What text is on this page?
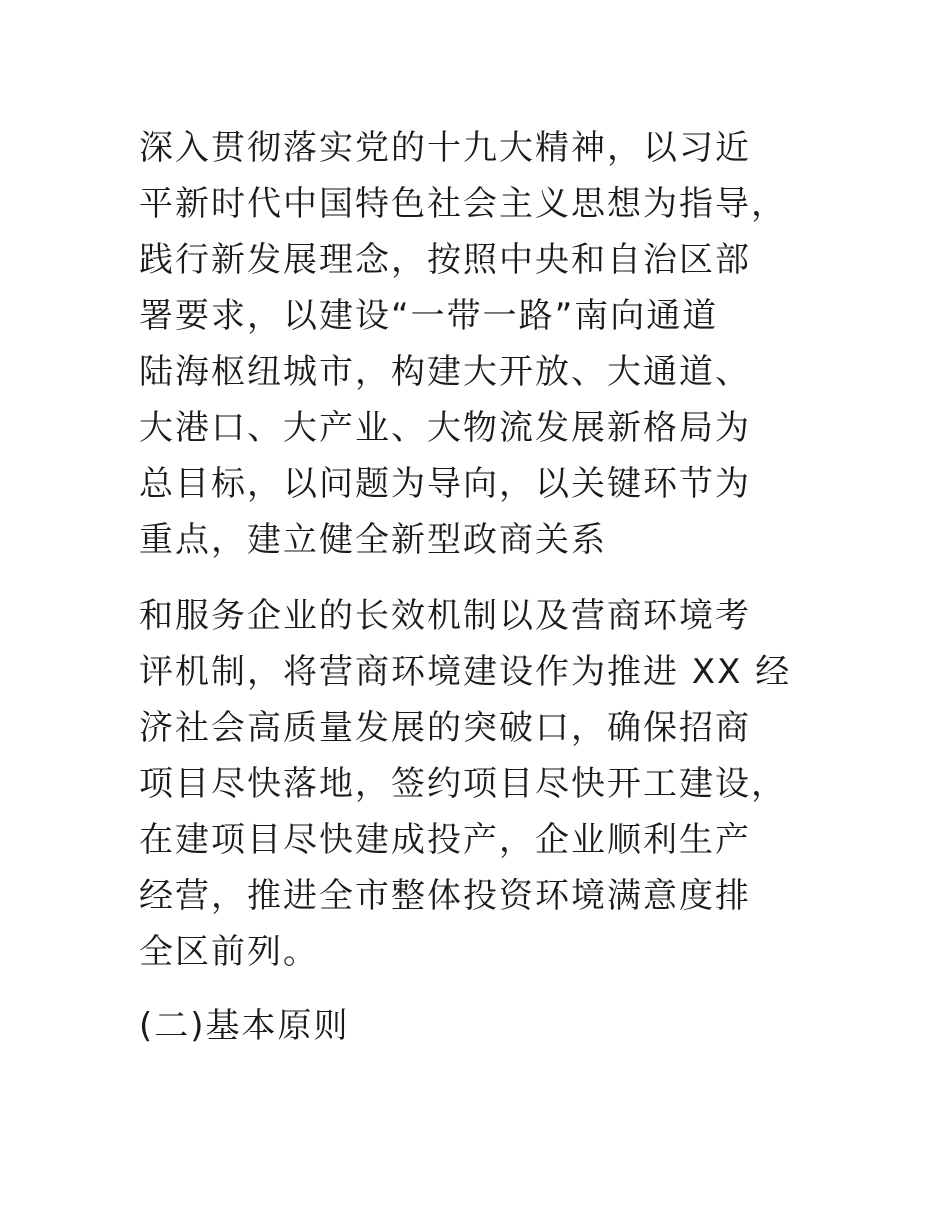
深入贯彻落实党的十九大精神，以习近
平新时代中国特色社会主义思想为指导，
践行新发展理念，按照中央和自治区部
署要求，以建设“一带一路”南向通道
陆海枢纽城市，构建大开放、大通道、
大港口、大产业、大物流发展新格局为
总目标，以问题为导向，以关键环节为
重点，建立健全新型政商关系

和服务企业的长效机制以及营商环境考
评机制，将营商环境建设作为推进 XX 经
济社会高质量发展的突破口，确保招商
项目尽快落地，签约项目尽快开工建设，
在建项目尽快建成投产，企业顺利生产
经营，推进全市整体投资环境满意度排
全区前列。

(二)基本原则
